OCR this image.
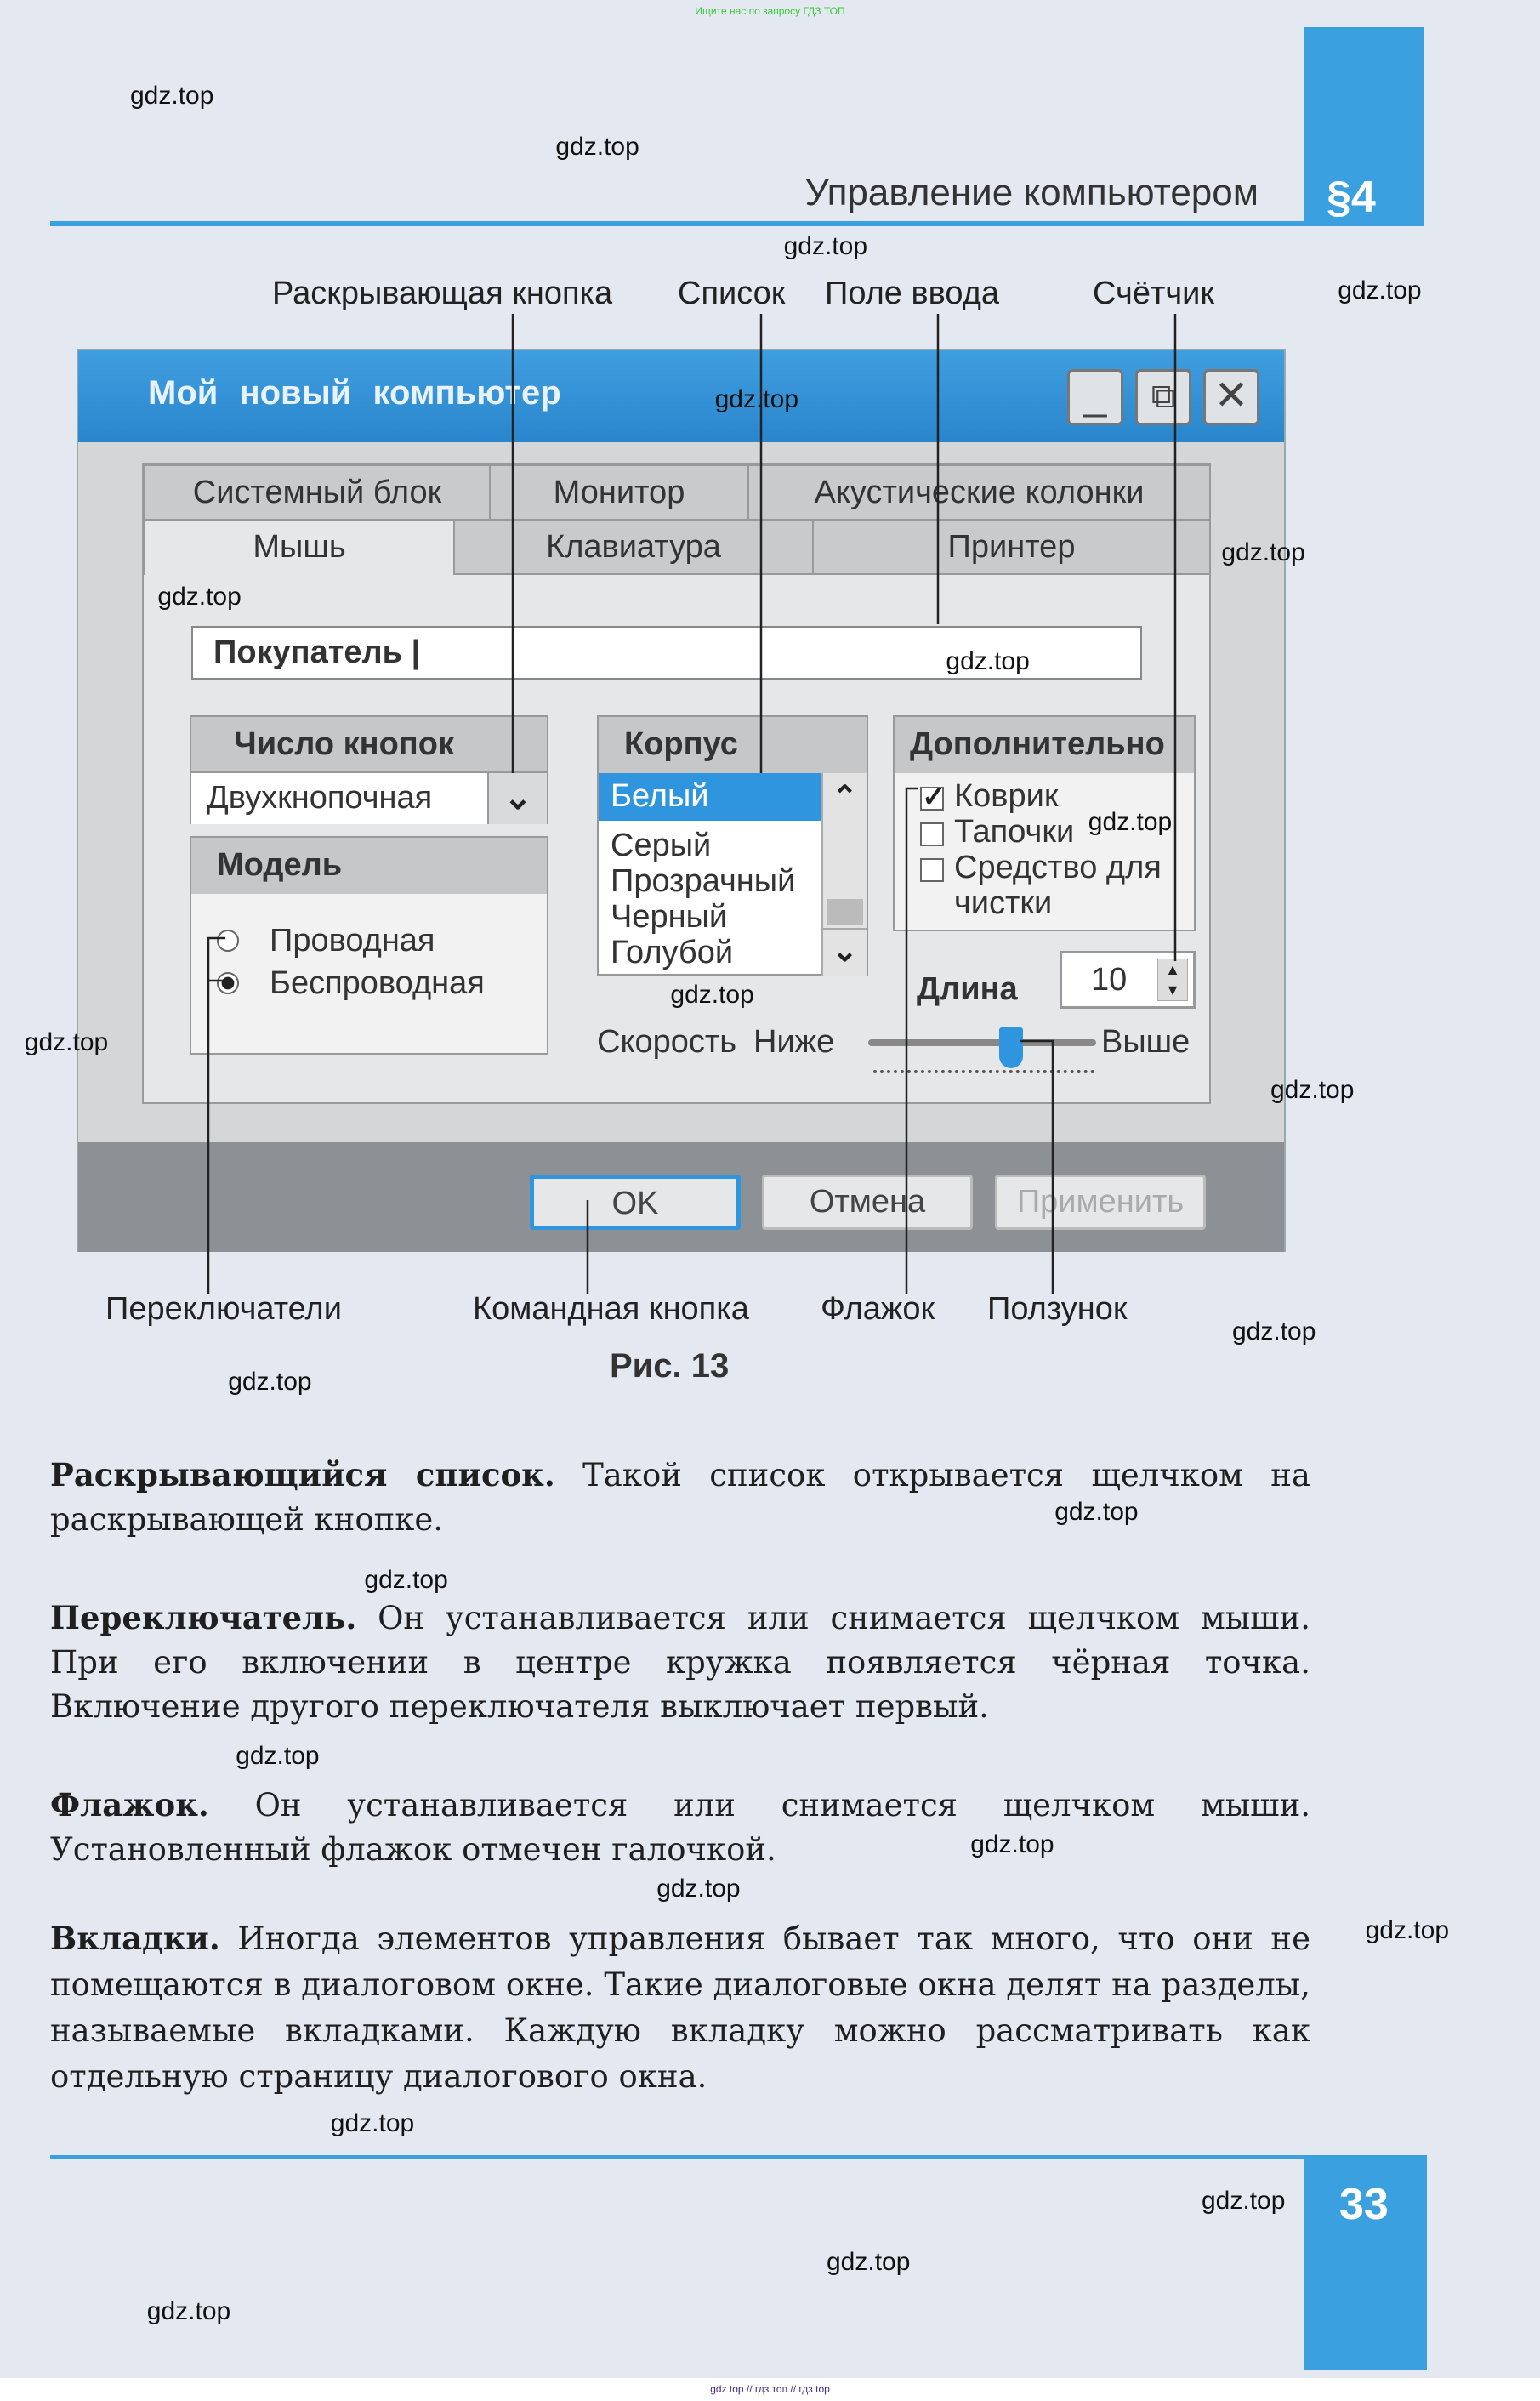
Ищите нас по запросу ГДЗ ТОП
§4
Управление компьютером
Раскрывающая кнопка Список Поле ввода	Счётчик
Мой новый компьютер	_	⧉ ✕
Системный блок	Монитор	Акустические колонки
Мышь	Клавиатура	Принтер
Покупатель |
Число кнопок
Двухкнопочная	⌄
Модель
Проводная
Беспроводная
Корпус
Белый
Серый
Прозрачный
Черный
Голубой
⌃
⌄
Дополнительно
✓ Коврик
Тапочки
Средство для чистки
Длина 10	▲
▼
Скорость Ниже	Выше
OK	Отмена	Применить
Переключатели	Командная кнопка Флажок Ползунок
Рис. 13

Раскрывающийся список. Такой список открывается щелчком на раскрывающей кнопке.

Переключатель. Он устанавливается или снимается щелчком мыши. При его включении в центре кружка появляется чёрная точка. Включение другого переключателя выключает первый.

Флажок. Он устанавливается или снимается щелчком мыши. Установленный флажок отмечен галочкой.

Вкладки. Иногда элементов управления бывает так много, что они не помещаются в диалоговом окне. Такие диалоговые окна делят на разделы, называемые вкладками. Каждую вкладку можно рассматривать как отдельную страницу диалогового окна.

33
gdz.top
gdz.top
gdz.top
gdz.top
gdz.top
gdz.top
gdz.top
gdz.top
gdz.top
gdz.top
gdz.top
gdz.top
gdz.top
gdz.top
gdz.top
gdz.top
gdz.top
gdz.top
gdz.top
gdz.top
gdz.top
gdz.top
gdz.top
gdz.top
gdz top // гдз топ // гдз top
